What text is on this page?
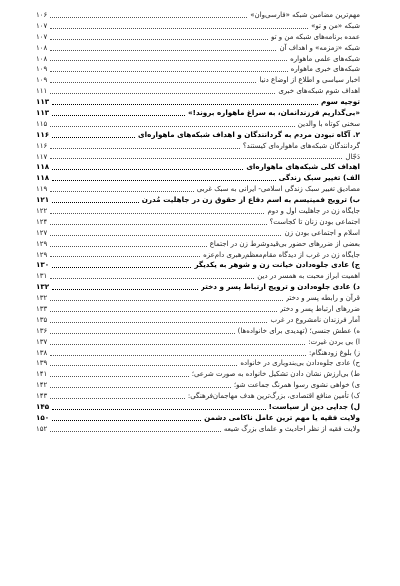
مهم‌ترین مضامین شبکه «فارسی‌وان»
۱۰۶
شبکه «من و تو»
۱۰۷
عمده برنامه‌های شبکه من و تو
۱۰۷
شبکه «زمزمه» و اهداف آن
۱۰۸
شبکه‌های علمی ماهواره
۱۰۸
شبکه‌های خبری ماهواره
۱۰۹
اخبار سیاسی و اطلاع از اوضاع دنیا
۱۰۹
اهداف شوم شبکه‌های خبری
۱۱۱
توجیه سوم
۱۱۳
«بی‌گذاریم فرزندانمان، به سراغ ماهواره بروند!»
۱۱۳
سخنی کوتاه با والدین
۱۱۵
۲. آگاه نبودن مردم به گردانندگان و اهداف شبکه‌های ماهواره‌ای
۱۱۶
گردانندگان شبکه‌های ماهواره‌ای کیستند؟
۱۱۶
دَجّال
۱۱۷
اهداف کلی شبکه‌های ماهواره‌ای
۱۱۸
الف) تغییر سبک زندگی
۱۱۸
مصادیق تغییر سبک زندگی اسلامی- ایرانی به سبک غربی
۱۱۹
ب) ترویج فمینیسم به اسم دفاع از حقوق زن در جاهلیت مُدرن
۱۲۱
جایگاه زن در جاهلیت اول و دوم
۱۲۲
اجتماعی بودن زنان تا کجاست؟
۱۲۴
اسلام و اجتماعی بودن زن
۱۲۷
بعضی از ضررهای حضور بی‌قیدوشرط زن در اجتماع
۱۲۹
جایگاه زن در غرب از دیدگاه مقام‌معظم‌رهبری دام‌عزه
۱۲۹
ج) عادی جلوه‌دادن خیانت زن و شوهر به یکدیگر
۱۳۰
اهمیت ابراز محبت به همسر در دین
۱۳۱
د) عادی جلوه‌دادن و ترویج ارتباط پسر و دختر
۱۳۲
قرآن و رابطه پسر و دختر
۱۳۲
ضررهای ارتباط پسر و دختر
۱۳۳
آمار فرزندان نامشروع در غرب
۱۳۵
ه) عطش جنسی؛ (تهدیدی برای خانواده‌ها)
۱۳۶
ا) بی بردن غیرت:
۱۳۷
ز) بلوغ زودهنگام:
۱۳۸
ح) عادی جلوه‌دادن بی‌بندوباری در خانواده
۱۳۹
ط) بی‌ارزش نشان دادن تشکیل خانواده به صورت شرعی؛
۱۴۱
ی) خواهی نشوی رسوا همرنگ جماعت شو؛
۱۴۲
ک) تأمین منافع اقتصادی، بزرگ‌ترین هدف مهاجمان‌فرهنگی:
۱۴۳
ل) جدایی دین از سیاست!
۱۴۵
ولایت فقیه یا مهم ترین عامل ناکامی دشمن
۱۵۰
ولایت فقیه از نظر احادیث و علمای بزرگ شیعه
۱۵۲
